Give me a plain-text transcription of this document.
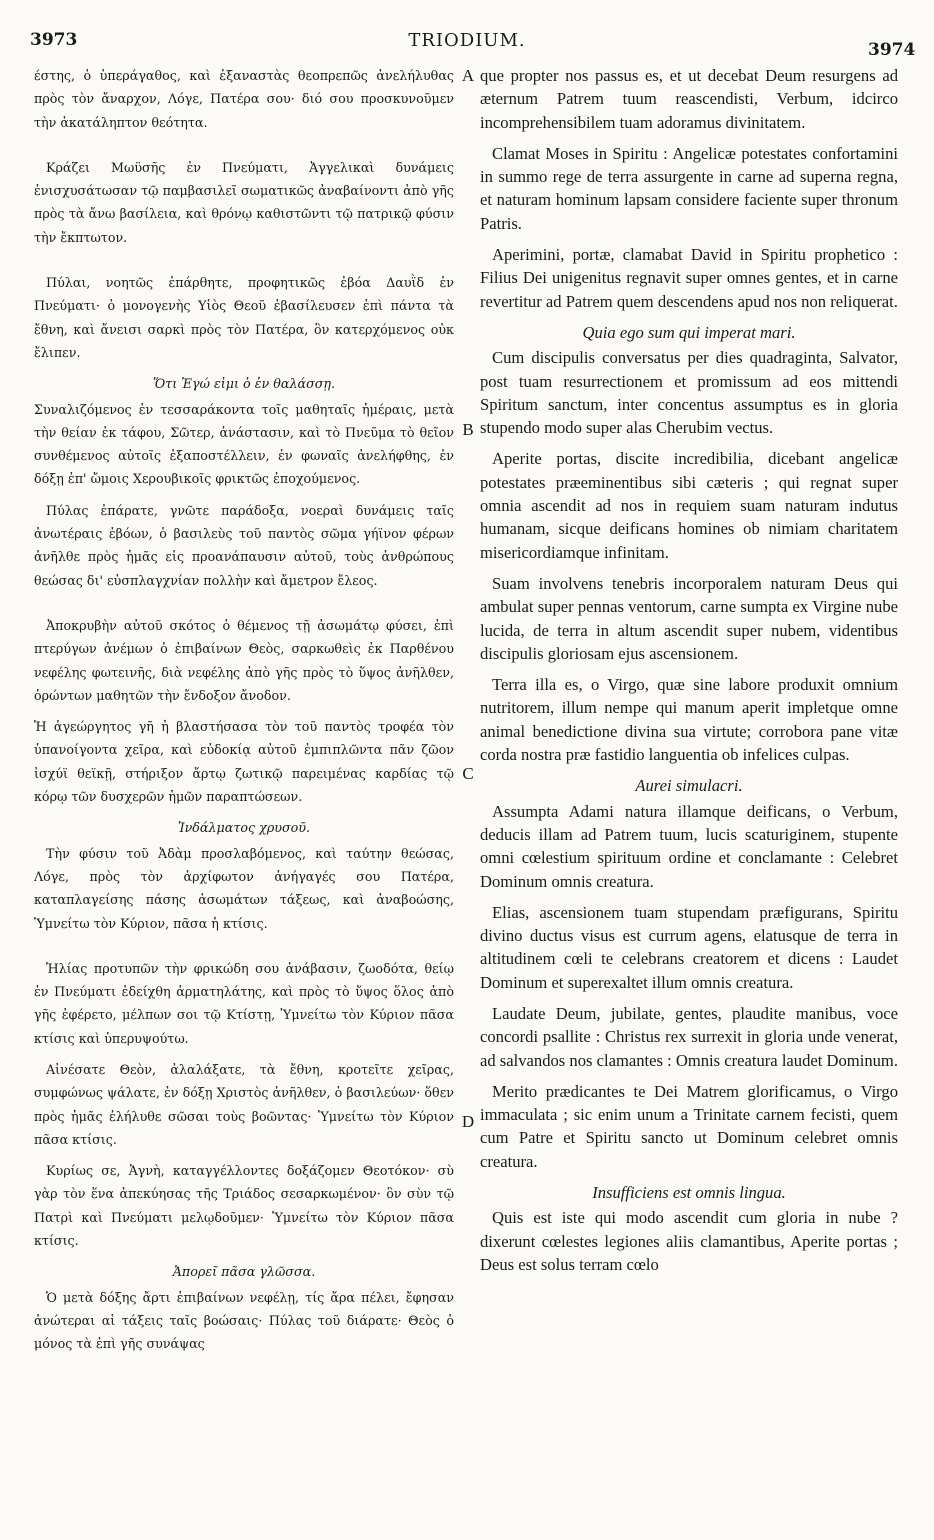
3973	TRIODIUM.	3974
A
B
C
D

έστης, ὁ ὑπεράγαθος, καὶ ἐξαναστὰς θεοπρεπῶς ἀνελήλυθας πρὸς τὸν ἄναρχον, Λόγε, Πατέρα σου· διό σου προσκυνοῦμεν τὴν ἀκατάληπτον θεότητα.

Κράζει Μωϋσῆς ἐν Πνεύματι, Ἀγγελικαὶ δυνάμεις ἐνισχυσάτωσαν τῷ παμβασιλεῖ σωματικῶς ἀναβαίνοντι ἀπὸ γῆς πρὸς τὰ ἄνω βασίλεια, καὶ θρόνῳ καθιστῶντι τῷ πατρικῷ φύσιν τὴν ἔκπτωτον.

Πύλαι, νοητῶς ἐπάρθητε, προφητικῶς ἐβόα Δαυῒδ ἐν Πνεύματι· ὁ μονογενὴς Υἱὸς Θεοῦ ἐβασίλευσεν ἐπὶ πάντα τὰ ἔθνη, καὶ ἄνεισι σαρκὶ πρὸς τὸν Πατέρα, ὃν κατερχόμενος οὐκ ἔλιπεν.

Ὅτι Ἐγώ εἰμι ὁ ἐν θαλάσσῃ.

Συναλιζόμενος ἐν τεσσαράκοντα τοῖς μαθηταῖς ἡμέραις, μετὰ τὴν θείαν ἐκ τάφου, Σῶτερ, ἀνάστασιν, καὶ τὸ Πνεῦμα τὸ θεῖον συνθέμενος αὐτοῖς ἐξαποστέλλειν, ἐν φωναῖς ἀνελήφθης, ἐν δόξῃ ἐπ' ὤμοις Χερουβικοῖς φρικτῶς ἐποχούμενος.

Πύλας ἐπάρατε, γνῶτε παράδοξα, νοεραὶ δυνάμεις ταῖς ἀνωτέραις ἐβόων, ὁ βασιλεὺς τοῦ παντὸς σῶμα γήϊνον φέρων ἀνῆλθε πρὸς ἡμᾶς εἰς προανάπαυσιν αὐτοῦ, τοὺς ἀνθρώπους θεώσας δι' εὐσπλαγχνίαν πολλὴν καὶ ἄμετρον ἔλεος.

Ἀποκρυβὴν αὐτοῦ σκότος ὁ θέμενος τῇ ἀσωμάτῳ φύσει, ἐπὶ πτερύγων ἀνέμων ὁ ἐπιβαίνων Θεὸς, σαρκωθεὶς ἐκ Παρθένου νεφέλης φωτεινῆς, διὰ νεφέλης ἀπὸ γῆς πρὸς τὸ ὕψος ἀνῆλθεν, ὁρώντων μαθητῶν τὴν ἔνδοξον ἄνοδον.

Ἡ ἀγεώργητος γῆ ἡ βλαστήσασα τὸν τοῦ παντὸς τροφέα τὸν ὑπανοίγοντα χεῖρα, καὶ εὐδοκίᾳ αὐτοῦ ἐμπιπλῶντα πᾶν ζῶον ἰσχύϊ θεϊκῇ, στήριξον ἄρτῳ ζωτικῷ παρειμένας καρδίας τῷ κόρῳ τῶν δυσχερῶν ἡμῶν παραπτώσεων.

Ἰνδάλματος χρυσοῦ.

Τὴν φύσιν τοῦ Ἀδὰμ προσλαβόμενος, καὶ ταύτην θεώσας, Λόγε, πρὸς τὸν ἀρχίφωτον ἀνήγαγές σου Πατέρα, καταπλαγείσης πάσης ἀσωμάτων τάξεως, καὶ ἀναβοώσης, Ὑμνείτω τὸν Κύριον, πᾶσα ἡ κτίσις.

Ἠλίας προτυπῶν τὴν φρικώδη σου ἀνάβασιν, ζωοδότα, θείῳ ἐν Πνεύματι ἐδείχθη ἁρματηλάτης, καὶ πρὸς τὸ ὕψος ὅλος ἀπὸ γῆς ἐφέρετο, μέλπων σοι τῷ Κτίστῃ, Ὑμνείτω τὸν Κύριον πᾶσα κτίσις καὶ ὑπερυψούτω.

Αἰνέσατε Θεὸν, ἀλαλάξατε, τὰ ἔθνη, κροτεῖτε χεῖρας, συμφώνως ψάλατε, ἐν δόξῃ Χριστὸς ἀνῆλθεν, ὁ βασιλεύων· ὅθεν πρὸς ἡμᾶς ἐλήλυθε σῶσαι τοὺς βοῶντας· Ὑμνείτω τὸν Κύριον πᾶσα κτίσις.

Κυρίως σε, Ἁγνὴ, καταγγέλλοντες δοξάζομεν Θεοτόκον· σὺ γὰρ τὸν ἕνα ἀπεκύησας τῆς Τριάδος σεσαρκωμένον· ὃν σὺν τῷ Πατρὶ καὶ Πνεύματι μελῳδοῦμεν· Ὑμνείτω τὸν Κύριον πᾶσα κτίσις.

Ἀπορεῖ πᾶσα γλῶσσα.

Ὁ μετὰ δόξης ἄρτι ἐπιβαίνων νεφέλῃ, τίς ἄρα πέλει, ἔφησαν ἀνώτεραι αἱ τάξεις ταῖς βοώσαις· Πύλας τοῦ διάρατε· Θεὸς ὁ μόνος τὰ ἐπὶ γῆς συνάψας

que propter nos passus es, et ut decebat Deum resurgens ad æternum Patrem tuum reascendisti, Verbum, idcirco incomprehensibilem tuam adoramus divinitatem.

Clamat Moses in Spiritu : Angelicæ potestates confortamini in summo rege de terra assurgente in carne ad superna regna, et naturam hominum lapsam considere faciente super thronum Patris.

Aperimini, portæ, clamabat David in Spiritu prophetico : Filius Dei unigenitus regnavit super omnes gentes, et in carne revertitur ad Patrem quem descendens apud nos non reliquerat.

Quia ego sum qui imperat mari.

Cum discipulis conversatus per dies quadraginta, Salvator, post tuam resurrectionem et promissum ad eos mittendi Spiritum sanctum, inter concentus assumptus es in gloria stupendo modo super alas Cherubim vectus.

Aperite portas, discite incredibilia, dicebant angelicæ potestates præeminentibus sibi cæteris ; qui regnat super omnia ascendit ad nos in requiem suam naturam indutus humanam, sicque deificans homines ob nimiam charitatem misericordiamque infinitam.

Suam involvens tenebris incorporalem naturam Deus qui ambulat super pennas ventorum, carne sumpta ex Virgine nube lucida, de terra in altum ascendit super nubem, videntibus discipulis gloriosam ejus ascensionem.

Terra illa es, o Virgo, quæ sine labore produxit omnium nutritorem, illum nempe qui manum aperit impletque omne animal benedictione divina sua virtute; corrobora pane vitæ corda nostra præ fastidio languentia ob infelices culpas.

Aurei simulacri.

Assumpta Adami natura illamque deificans, o Verbum, deducis illam ad Patrem tuum, lucis scaturiginem, stupente omni cœlestium spirituum ordine et conclamante : Celebret Dominum omnis creatura.

Elias, ascensionem tuam stupendam præfigurans, Spiritu divino ductus visus est currum agens, elatusque de terra in altitudinem cœli te celebrans creatorem et dicens : Laudet Dominum et superexaltet illum omnis creatura.

Laudate Deum, jubilate, gentes, plaudite manibus, voce concordi psallite : Christus rex surrexit in gloria unde venerat, ad salvandos nos clamantes : Omnis creatura laudet Dominum.

Merito prædicantes te Dei Matrem glorificamus, o Virgo immaculata ; sic enim unum a Trinitate carnem fecisti, quem cum Patre et Spiritu sancto ut Dominum celebret omnis creatura.

Insufficiens est omnis lingua.

Quis est iste qui modo ascendit cum gloria in nube ? dixerunt cœlestes legiones aliis clamantibus, Aperite portas ; Deus est solus terram cœlo
